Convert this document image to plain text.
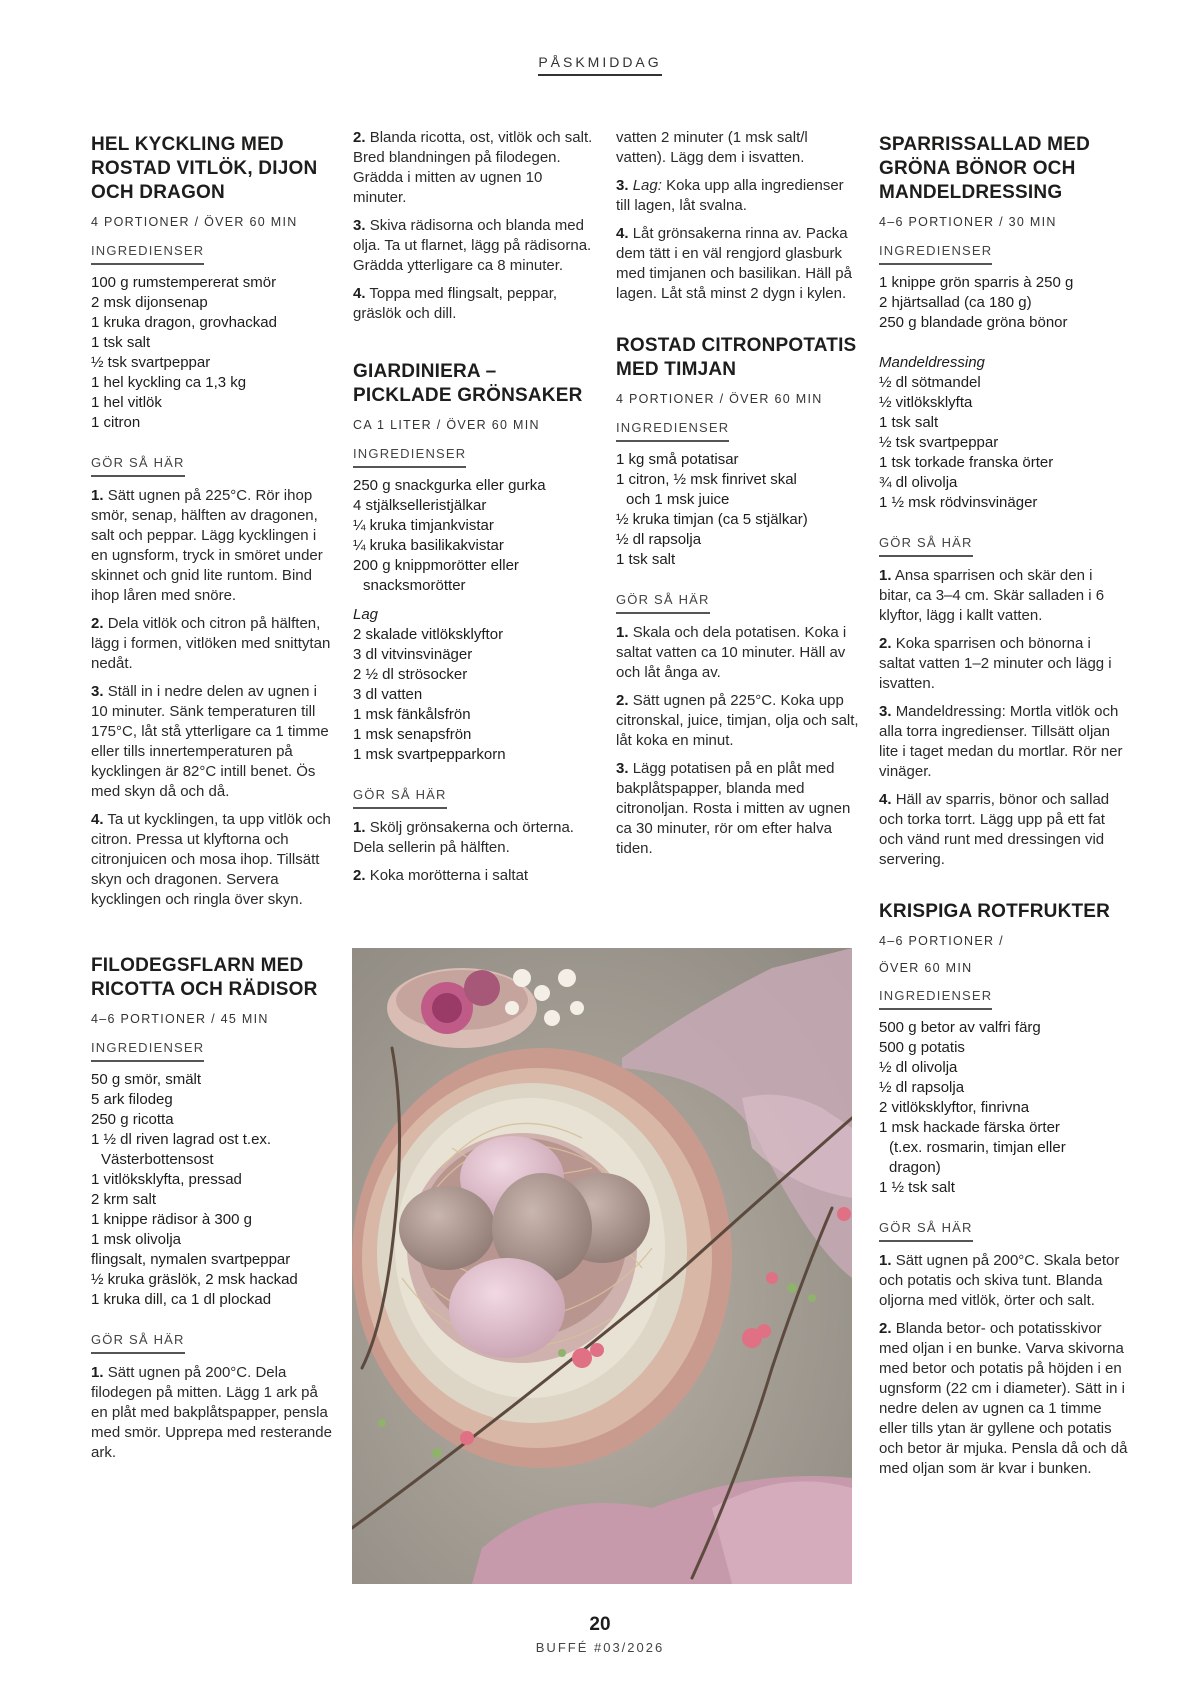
PÅSKMIDDAG
HEL KYCKLING MED ROSTAD VITLÖK, DIJON OCH DRAGON
4 PORTIONER / ÖVER 60 MIN
INGREDIENSER
100 g rumstempererat smör
2 msk dijonsenap
1 kruka dragon, grovhackad
1 tsk salt
½ tsk svartpeppar
1 hel kyckling ca 1,3 kg
1 hel vitlök
1 citron
GÖR SÅ HÄR

1. Sätt ugnen på 225°C. Rör ihop smör, senap, hälften av dragonen, salt och peppar. Lägg kycklingen i en ugnsform, tryck in smöret under skinnet och gnid lite runtom. Bind ihop låren med snöre.

2. Dela vitlök och citron på hälften, lägg i formen, vitlöken med snittytan nedåt.

3. Ställ in i nedre delen av ugnen i 10 minuter. Sänk temperaturen till 175°C, låt stå ytterligare ca 1 timme eller tills innertemperaturen på kycklingen är 82°C intill benet. Ös med skyn då och då.

4. Ta ut kycklingen, ta upp vitlök och citron. Pressa ut klyftorna och citronjuicen och mosa ihop. Tillsätt skyn och dragonen. Servera kycklingen och ringla över skyn.

FILODEGSFLARN MED RICOTTA OCH RÄDISOR
4–6 PORTIONER / 45 MIN
INGREDIENSER
50 g smör, smält
5 ark filodeg
250 g ricotta
1 ½ dl riven lagrad ost t.ex.
Västerbottensost
1 vitlöksklyfta, pressad
2 krm salt
1 knippe rädisor à 300 g
1 msk olivolja
flingsalt, nymalen svartpeppar
½ kruka gräslök, 2 msk hackad
1 kruka dill, ca 1 dl plockad
GÖR SÅ HÄR

1. Sätt ugnen på 200°C. Dela filodegen på mitten. Lägg 1 ark på en plåt med bakplåtspapper, pensla med smör. Upprepa med resterande ark.

2. Blanda ricotta, ost, vitlök och salt. Bred blandningen på filodegen. Grädda i mitten av ugnen 10 minuter.

3. Skiva rädisorna och blanda med olja. Ta ut flarnet, lägg på rädisorna. Grädda ytterligare ca 8 minuter.

4. Toppa med flingsalt, peppar, gräslök och dill.

GIARDINIERA – PICKLADE GRÖNSAKER
CA 1 LITER / ÖVER 60 MIN
INGREDIENSER
250 g snackgurka eller gurka
4 stjälkselleristjälkar
¼ kruka timjankvistar
¼ kruka basilikakvistar
200 g knippmorötter eller
snacksmorötter
Lag
2 skalade vitlöksklyftor
3 dl vitvinsvinäger
2 ½ dl strösocker
3 dl vatten
1 msk fänkålsfrön
1 msk senapsfrön
1 msk svartpepparkorn
GÖR SÅ HÄR

1. Skölj grönsakerna och örterna. Dela sellerin på hälften.

2. Koka morötterna i saltat

vatten 2 minuter (1 msk salt/l vatten). Lägg dem i isvatten.

3. Lag: Koka upp alla ingredienser till lagen, låt svalna.

4. Låt grönsakerna rinna av. Packa dem tätt i en väl rengjord glasburk med timjanen och basilikan. Häll på lagen. Låt stå minst 2 dygn i kylen.

ROSTAD CITRONPOTATIS MED TIMJAN
4 PORTIONER / ÖVER 60 MIN
INGREDIENSER
1 kg små potatisar
1 citron, ½ msk finrivet skal
och 1 msk juice
½ kruka timjan (ca 5 stjälkar)
½ dl rapsolja
1 tsk salt
GÖR SÅ HÄR

1. Skala och dela potatisen. Koka i saltat vatten ca 10 minuter. Häll av och låt ånga av.

2. Sätt ugnen på 225°C. Koka upp citronskal, juice, timjan, olja och salt, låt koka en minut.

3. Lägg potatisen på en plåt med bakplåtspapper, blanda med citronoljan. Rosta i mitten av ugnen ca 30 minuter, rör om efter halva tiden.

SPARRISSALLAD MED GRÖNA BÖNOR OCH MANDELDRESSING
4–6 PORTIONER / 30 MIN
INGREDIENSER
1 knippe grön sparris à 250 g
2 hjärtsallad (ca 180 g)
250 g blandade gröna bönor
Mandeldressing
½ dl sötmandel
½ vitlöksklyfta
1 tsk salt
½ tsk svartpeppar
1 tsk torkade franska örter
¾ dl olivolja
1 ½ msk rödvinsvinäger
GÖR SÅ HÄR

1. Ansa sparrisen och skär den i bitar, ca 3–4 cm. Skär salladen i 6 klyftor, lägg i kallt vatten.

2. Koka sparrisen och bönorna i saltat vatten 1–2 minuter och lägg i isvatten.

3. Mandeldressing: Mortla vitlök och alla torra ingredienser. Tillsätt oljan lite i taget medan du mortlar. Rör ner vinäger.

4. Häll av sparris, bönor och sallad och torka torrt. Lägg upp på ett fat och vänd runt med dressingen vid servering.

KRISPIGA ROTFRUKTER
4–6 PORTIONER /
ÖVER 60 MIN
INGREDIENSER
500 g betor av valfri färg
500 g potatis
½ dl olivolja
½ dl rapsolja
2 vitlöksklyftor, finrivna
1 msk hackade färska örter
(t.ex. rosmarin, timjan eller
dragon)
1 ½ tsk salt
GÖR SÅ HÄR

1. Sätt ugnen på 200°C. Skala betor och potatis och skiva tunt. Blanda oljorna med vitlök, örter och salt.

2. Blanda betor- och potatisskivor med oljan i en bunke. Varva skivorna med betor och potatis på höjden i en ugnsform (22 cm i diameter). Sätt in i nedre delen av ugnen ca 1 timme eller tills ytan är gyllene och potatis och betor är mjuka. Pensla då och då med oljan som är kvar i bunken.

20
BUFFÉ #03/2026
